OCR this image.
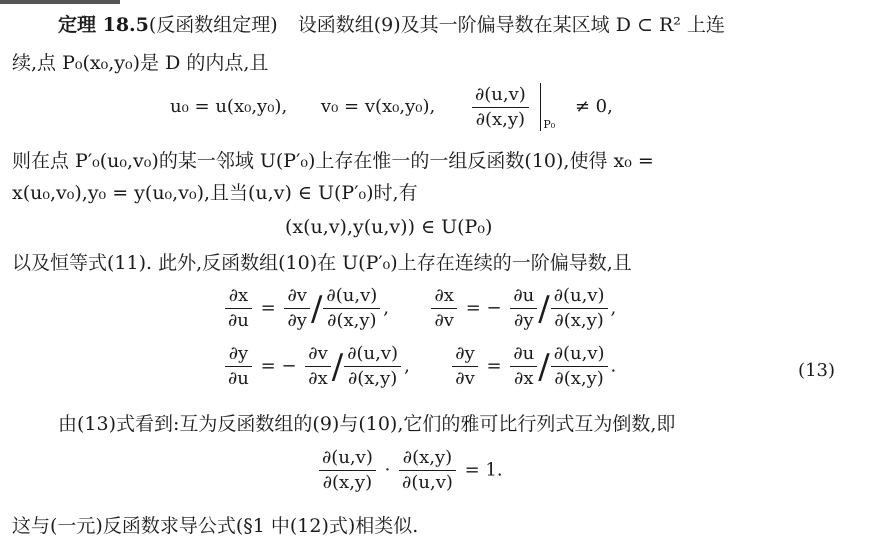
定理 18.5(反函数组定理) 设函数组(9)及其一阶偏导数在某区域 D ⊂ R² 上连
续,点 P₀(x₀,y₀)是 D 的内点,且
u₀ = u(x₀,y₀), v₀ = v(x₀,y₀), $\frac{\partial(u,v)}{\partial(x,y)} _{P_0} \ne 0$,
则在点 P′₀(u₀,v₀)的某一邻域 U(P′₀)上存在惟一的一组反函数(10),使得 x₀ =
x(u₀,v₀),y₀ = y(u₀,v₀),且当(u,v) ∈ U(P′₀)时,有
(x(u,v),y(u,v)) ∈ U(P₀)
以及恒等式(11). 此外,反函数组(10)在 U(P′₀)上存在连续的一阶偏导数,且
$\frac{\partial x}{\partial u} = \frac{\partial v}{\partial y} / \frac{\partial(u,v)}{\partial(x,y)}$ , $\frac{\partial x}{\partial v}$ = − $\frac{\partial u}{\partial y} / \frac{\partial(u,v)}{\partial(x,y)}$ ,
$\frac{\partial y}{\partial u}$ = − $\frac{\partial v}{\partial x} / \frac{\partial(u,v)}{\partial(x,y)}$ , $\frac{\partial y}{\partial v} = \frac{\partial u}{\partial x} / \frac{\partial(u,v)}{\partial(x,y)}$ .	(13)
由(13)式看到:互为反函数组的(9)与(10),它们的雅可比行列式互为倒数,即
$\frac{\partial(u,v)}{\partial(x,y)} \cdot \frac{\partial(x,y)}{\partial(u,v)} = 1$.
这与(一元)反函数求导公式(§1 中(12)式)相类似.
